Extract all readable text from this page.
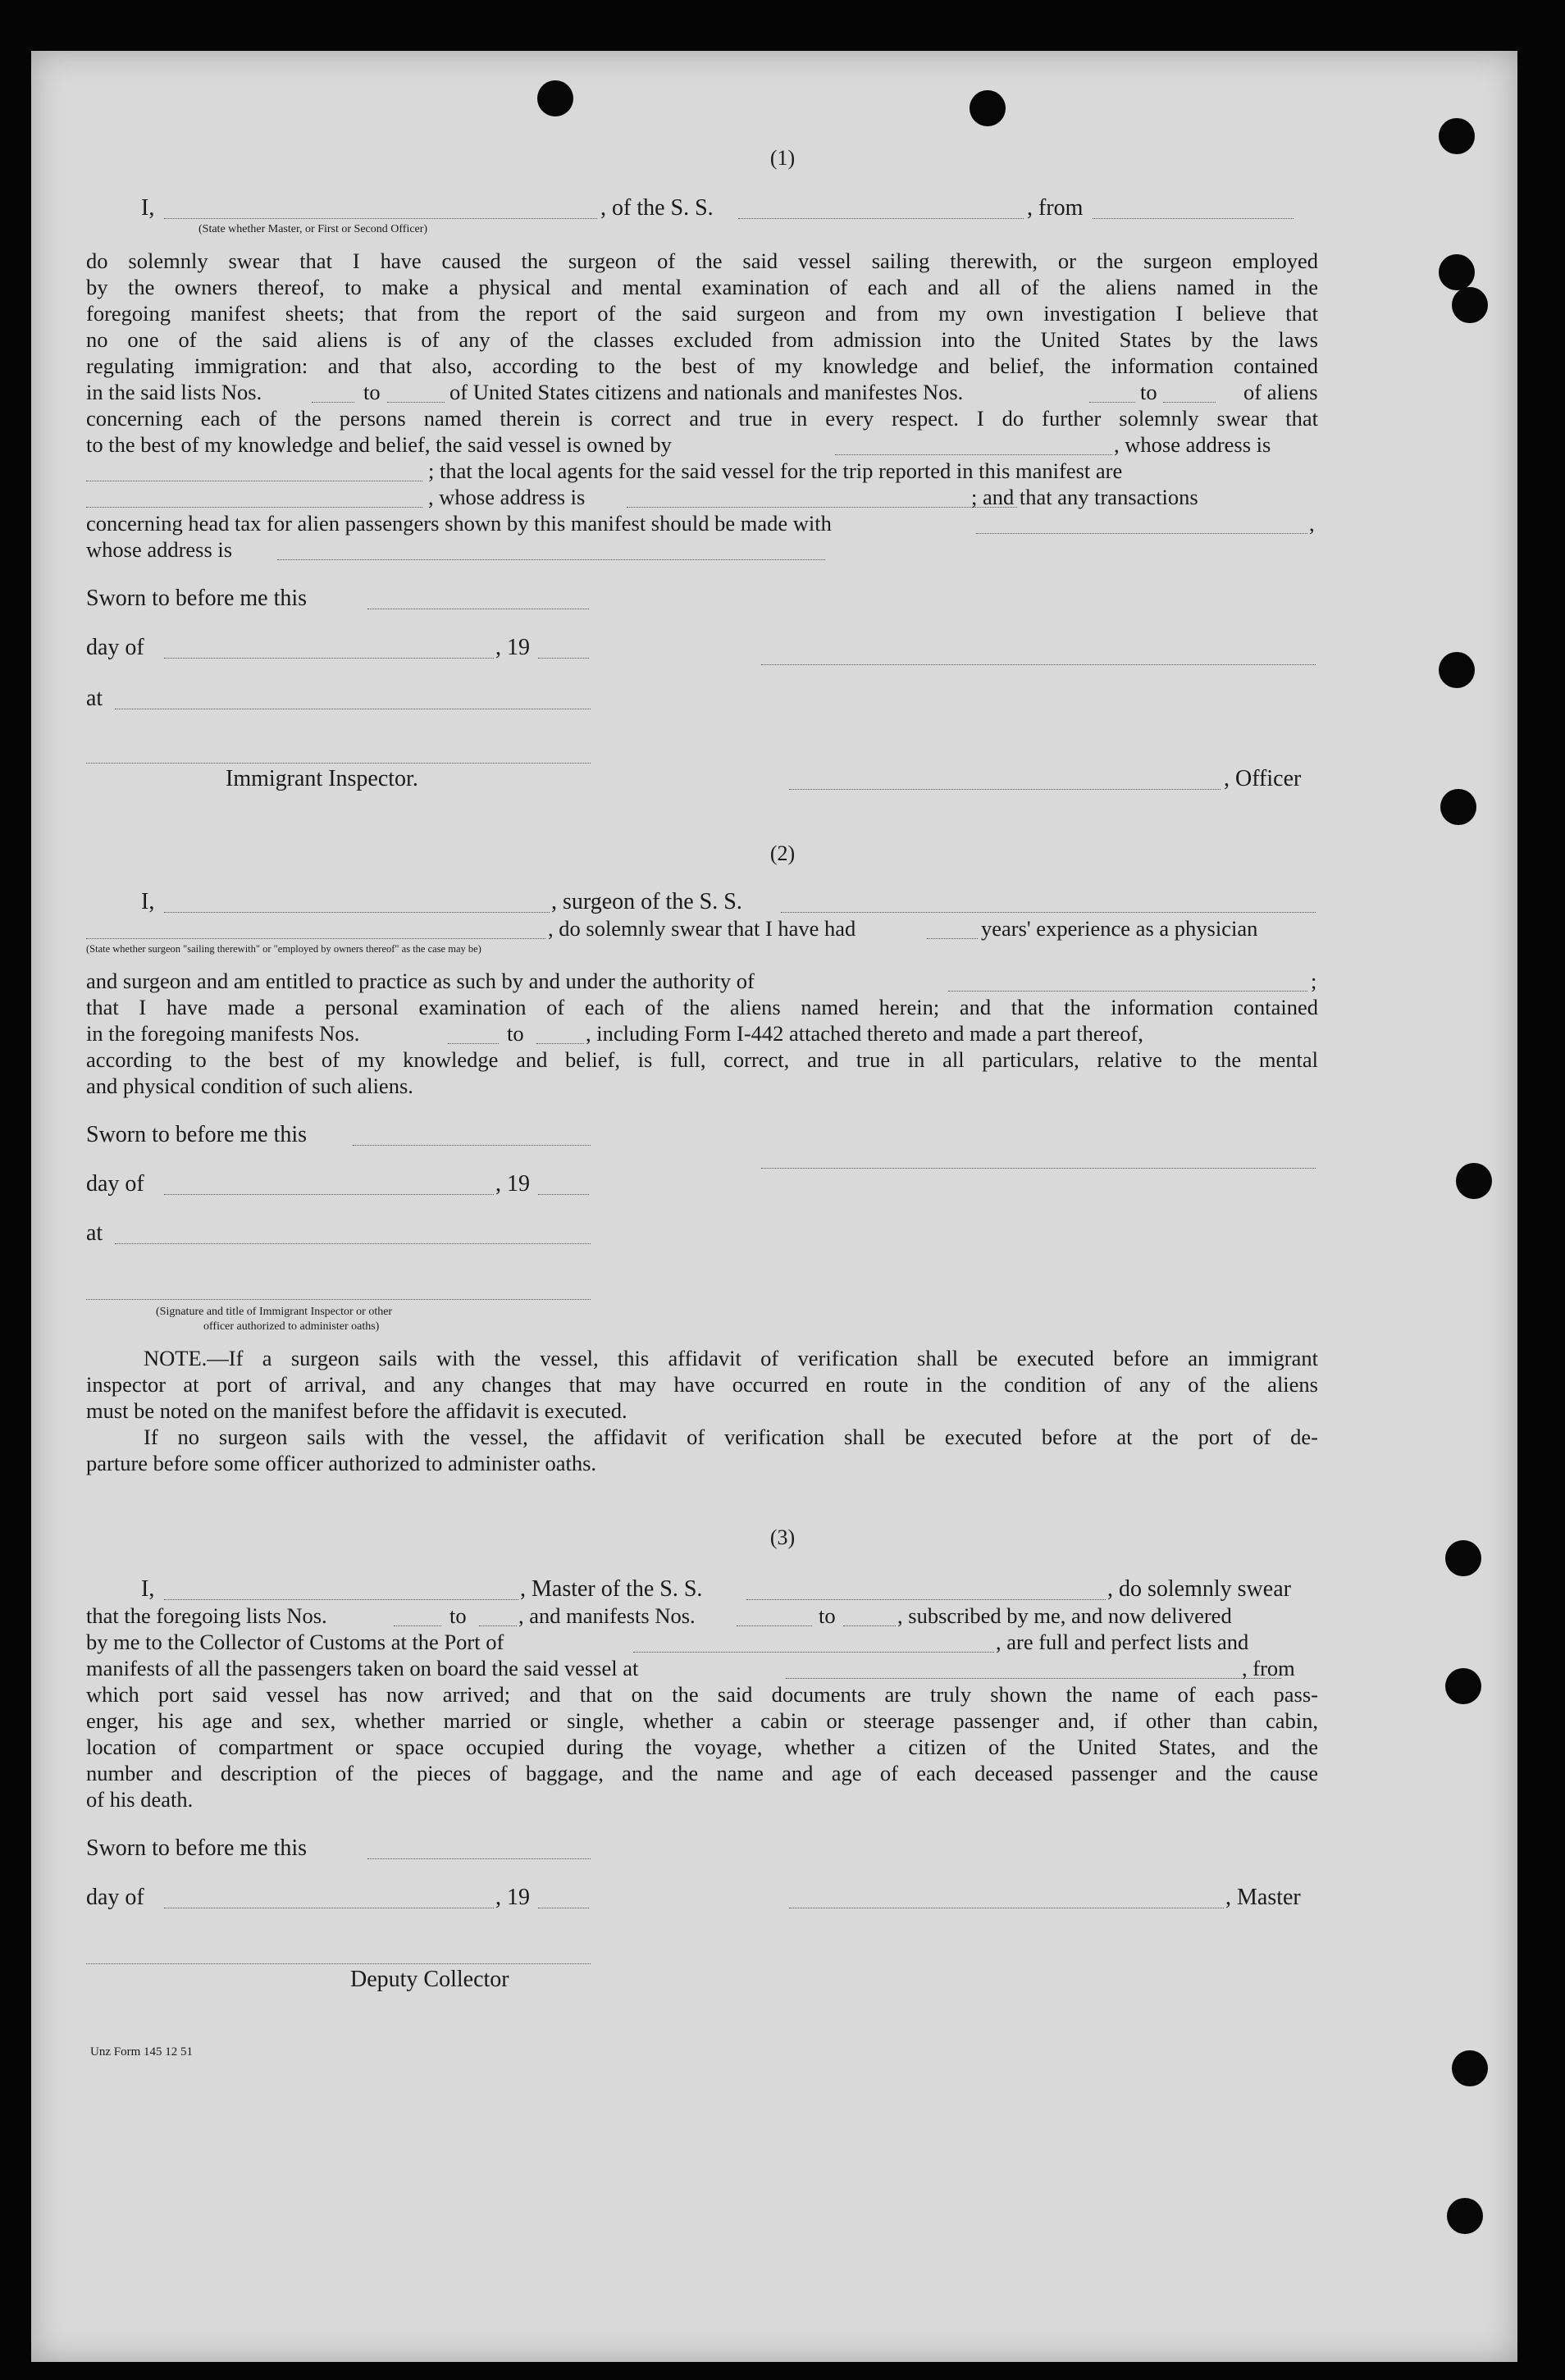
(1)
I,	, of the S. S.	, from
(State whether Master, or First or Second Officer)
do solemnly swear that I have caused the surgeon of the said vessel sailing therewith, or the surgeon employed
by the owners thereof, to make a physical and mental examination of each and all of the aliens named in the
foregoing manifest sheets; that from the report of the said surgeon and from my own investigation I believe that
no one of the said aliens is of any of the classes excluded from admission into the United States by the laws
regulating immigration: and that also, according to the best of my knowledge and belief, the information contained
in the said lists Nos.	to	of United States citizens and nationals and manifestes Nos.	to	of aliens
concerning each of the persons named therein is correct and true in every respect. I do further solemnly swear that
to the best of my knowledge and belief, the said vessel is owned by	, whose address is
; that the local agents for the said vessel for the trip reported in this manifest are
, whose address is	; and that any transactions
concerning head tax for alien passengers shown by this manifest should be made with	,
whose address is
Sworn to before me this
day of	, 19
at
Immigrant Inspector.	, Officer
(2)
I,	, surgeon of the S. S.
, do solemnly swear that I have had	years' experience as a physician
(State whether surgeon "sailing therewith" or "employed by owners thereof" as the case may be)
and surgeon and am entitled to practice as such by and under the authority of	;
that I have made a personal examination of each of the aliens named herein; and that the information contained
in the foregoing manifests Nos.	to	, including Form I-442 attached thereto and made a part thereof,
according to the best of my knowledge and belief, is full, correct, and true in all particulars, relative to the mental
and physical condition of such aliens.
Sworn to before me this
day of	, 19
at
(Signature and title of Immigrant Inspector or other
officer authorized to administer oaths)
NOTE.—If a surgeon sails with the vessel, this affidavit of verification shall be executed before an immigrant
inspector at port of arrival, and any changes that may have occurred en route in the condition of any of the aliens
must be noted on the manifest before the affidavit is executed.
If no surgeon sails with the vessel, the affidavit of verification shall be executed before at the port of de-
parture before some officer authorized to administer oaths.
(3)
I,	, Master of the S. S.	, do solemnly swear
that the foregoing lists Nos.	to , and manifests Nos.	to	, subscribed by me, and now delivered
by me to the Collector of Customs at the Port of	, are full and perfect lists and
manifests of all the passengers taken on board the said vessel at	, from
which port said vessel has now arrived; and that on the said documents are truly shown the name of each pass-
enger, his age and sex, whether married or single, whether a cabin or steerage passenger and, if other than cabin,
location of compartment or space occupied during the voyage, whether a citizen of the United States, and the
number and description of the pieces of baggage, and the name and age of each deceased passenger and the cause
of his death.
Sworn to before me this
day of	, 19	, Master
Deputy Collector
Unz Form 145 12 51
